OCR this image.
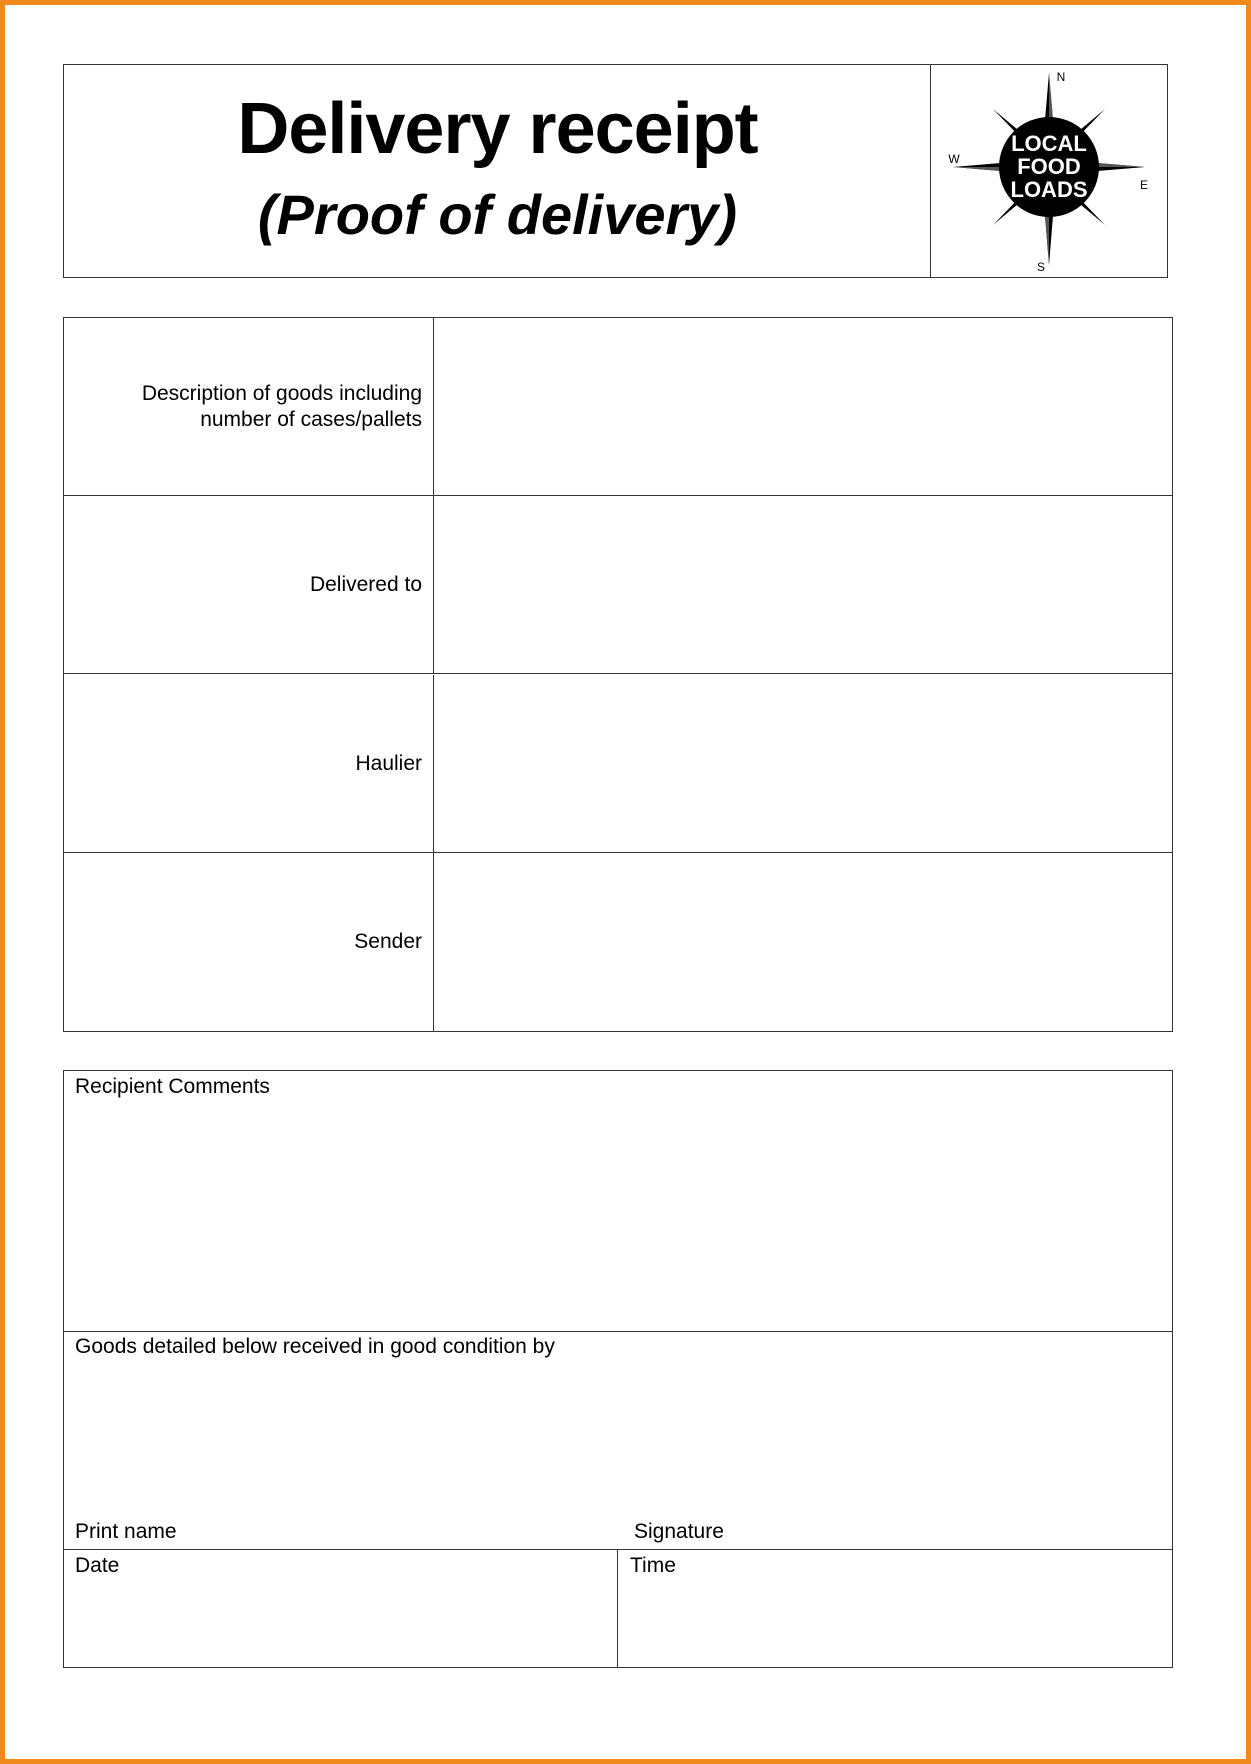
Delivery receipt
(Proof of delivery)
LOCAL
FOOD
LOADS
N
S
W
E
Description of goods including
number of cases/pallets
Delivered to
Haulier
Sender
Recipient Comments
Goods detailed below received in good condition by
Print name	Signature
Date	Time
